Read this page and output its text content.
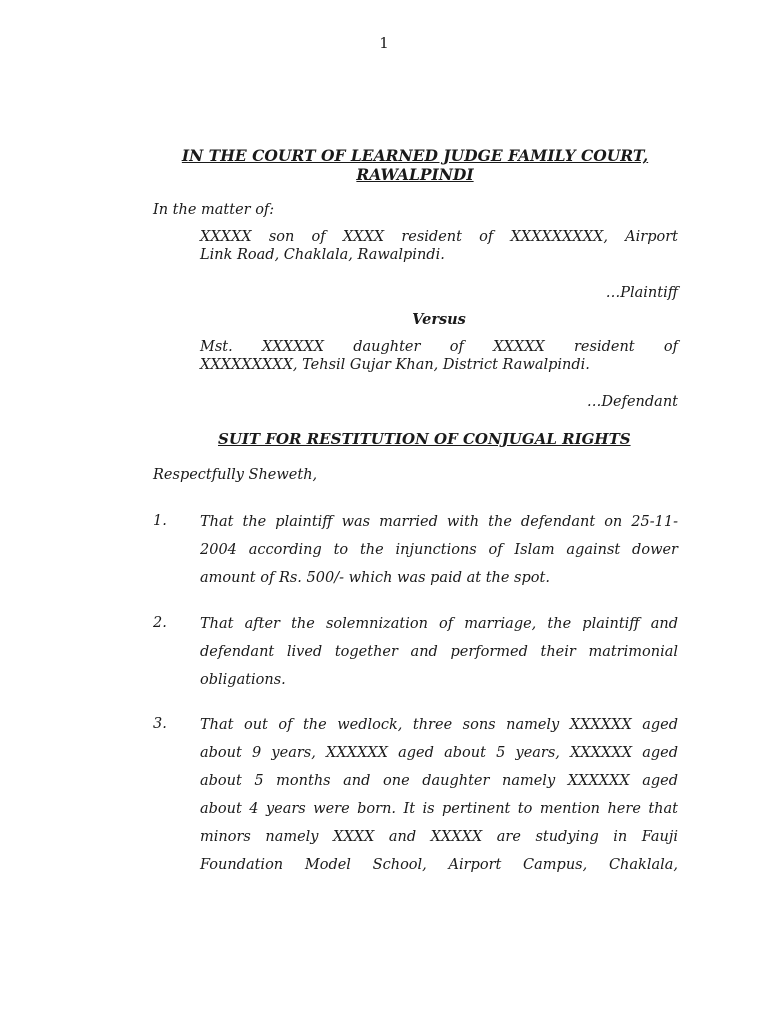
1
IN THE COURT OF LEARNED JUDGE FAMILY COURT,
RAWALPINDI
In the matter of:
XXXXX son of XXXX resident of XXXXXXXXX, Airport
Link Road, Chaklala, Rawalpindi.
…Plaintiff
Versus
Mst. XXXXXX daughter of XXXXX resident of
XXXXXXXXX, Tehsil Gujar Khan, District Rawalpindi.
…Defendant
SUIT FOR RESTITUTION OF CONJUGAL RIGHTS
Respectfully Sheweth,
1.	That the plaintiff was married with the defendant on 25-11-
2004 according to the injunctions of Islam against dower
amount of Rs. 500/- which was paid at the spot.
2.	That after the solemnization of marriage, the plaintiff and
defendant lived together and performed their matrimonial
obligations.
3.	That out of the wedlock, three sons namely XXXXXX aged
about 9 years, XXXXXX aged about 5 years, XXXXXX aged
about 5 months and one daughter namely XXXXXX aged
about 4 years were born. It is pertinent to mention here that
minors namely XXXX and XXXXX are studying in Fauji
Foundation Model School, Airport Campus, Chaklala,
